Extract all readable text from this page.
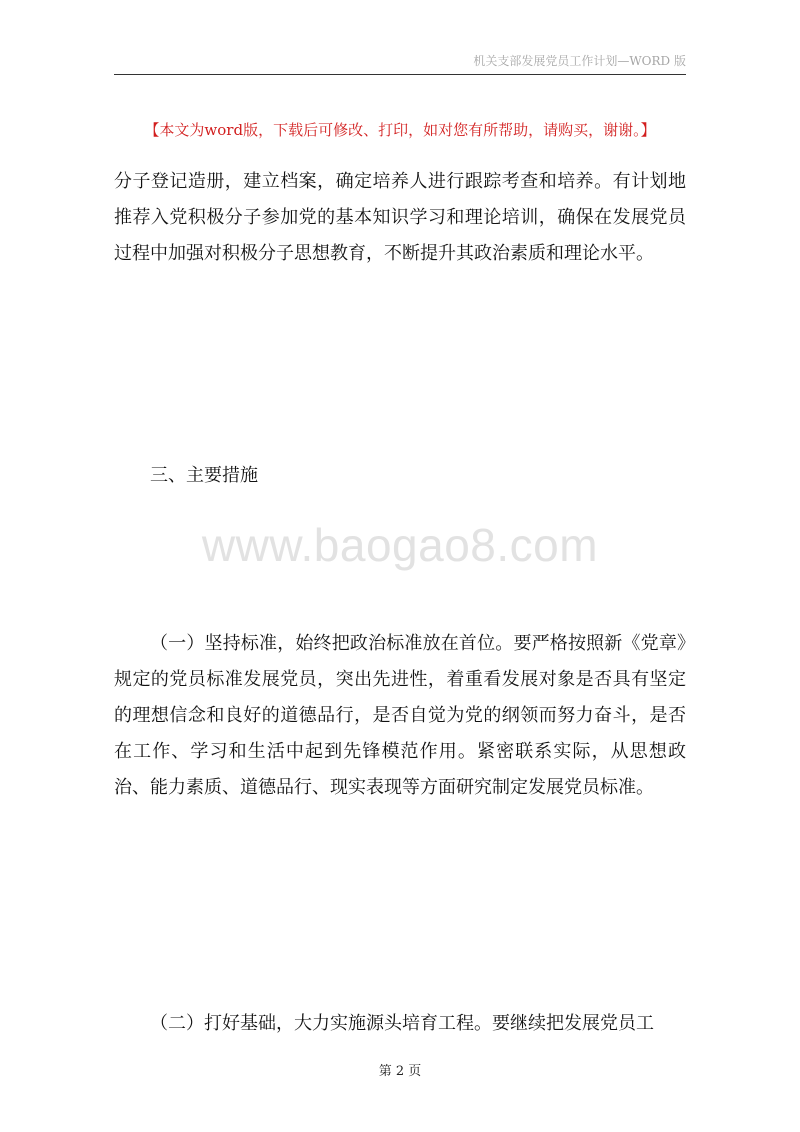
机关支部发展党员工作计划—WORD 版
【本文为word版，下载后可修改、打印，如对您有所帮助，请购买，谢谢。】
分子登记造册，建立档案，确定培养人进行跟踪考查和培养。有计划地推荐入党积极分子参加党的基本知识学习和理论培训，确保在发展党员过程中加强对积极分子思想教育，不断提升其政治素质和理论水平。
三、主要措施
www.baogao8.com
（一）坚持标准，始终把政治标准放在首位。要严格按照新《党章》规定的党员标准发展党员，突出先进性，着重看发展对象是否具有坚定的理想信念和良好的道德品行，是否自觉为党的纲领而努力奋斗，是否在工作、学习和生活中起到先锋模范作用。紧密联系实际，从思想政治、能力素质、道德品行、现实表现等方面研究制定发展党员标准。
（二）打好基础，大力实施源头培育工程。要继续把发展党员工
第 2 页
